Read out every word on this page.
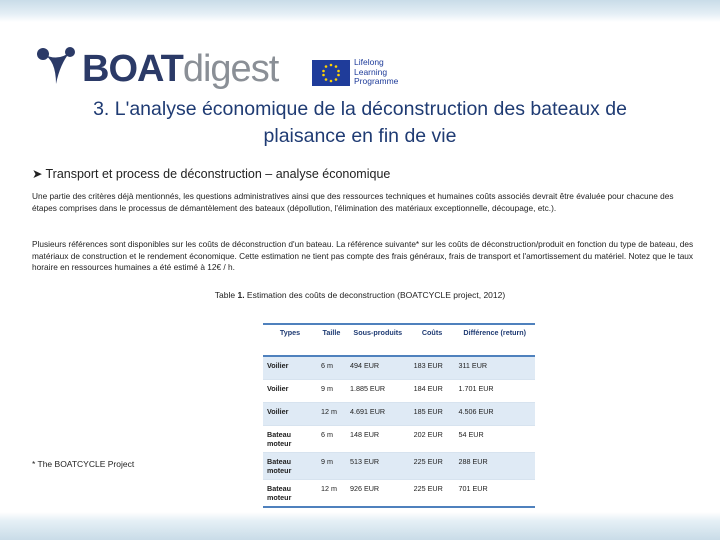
BOATdigest	Lifelong
Learning
Programme
3. L'analyse économique de la déconstruction des bateaux de
plaisance en fin de vie
➤ Transport et process de déconstruction – analyse économique
Une partie des critères déjà mentionnés, les questions administratives ainsi que des ressources techniques et humaines coûts associés devrait être évaluée pour chacune des étapes comprises dans le processus de démantèlement des bateaux (dépollution, l'élimination des matériaux exceptionnelle, découpage, etc.).
Plusieurs références sont disponibles sur les coûts de déconstruction d'un bateau. La référence suivante* sur les coûts de déconstruction/produit en fonction du type de bateau, des matériaux de construction et le rendement économique. Cette estimation ne tient pas compte des frais généraux, frais de transport et l'amortissement du matériel. Notez que le taux horaire en ressources humaines a été estimé à 12€ / h.
Table 1. Estimation des coûts de deconstruction (BOATCYCLE project, 2012)
Types	Taille	Sous-produits	Coûts	Différence (return)
Voilier	6 m	494 EUR	183 EUR	311 EUR
Voilier	9 m	1.885 EUR	184 EUR	1.701 EUR
Voilier	12 m	4.691 EUR	185 EUR	4.506 EUR
Bateau moteur	6 m	148 EUR	202 EUR	54 EUR
Bateau moteur	9 m	513 EUR	225 EUR	288 EUR
Bateau moteur	12 m	926 EUR	225 EUR	701 EUR
* The BOATCYCLE Project
